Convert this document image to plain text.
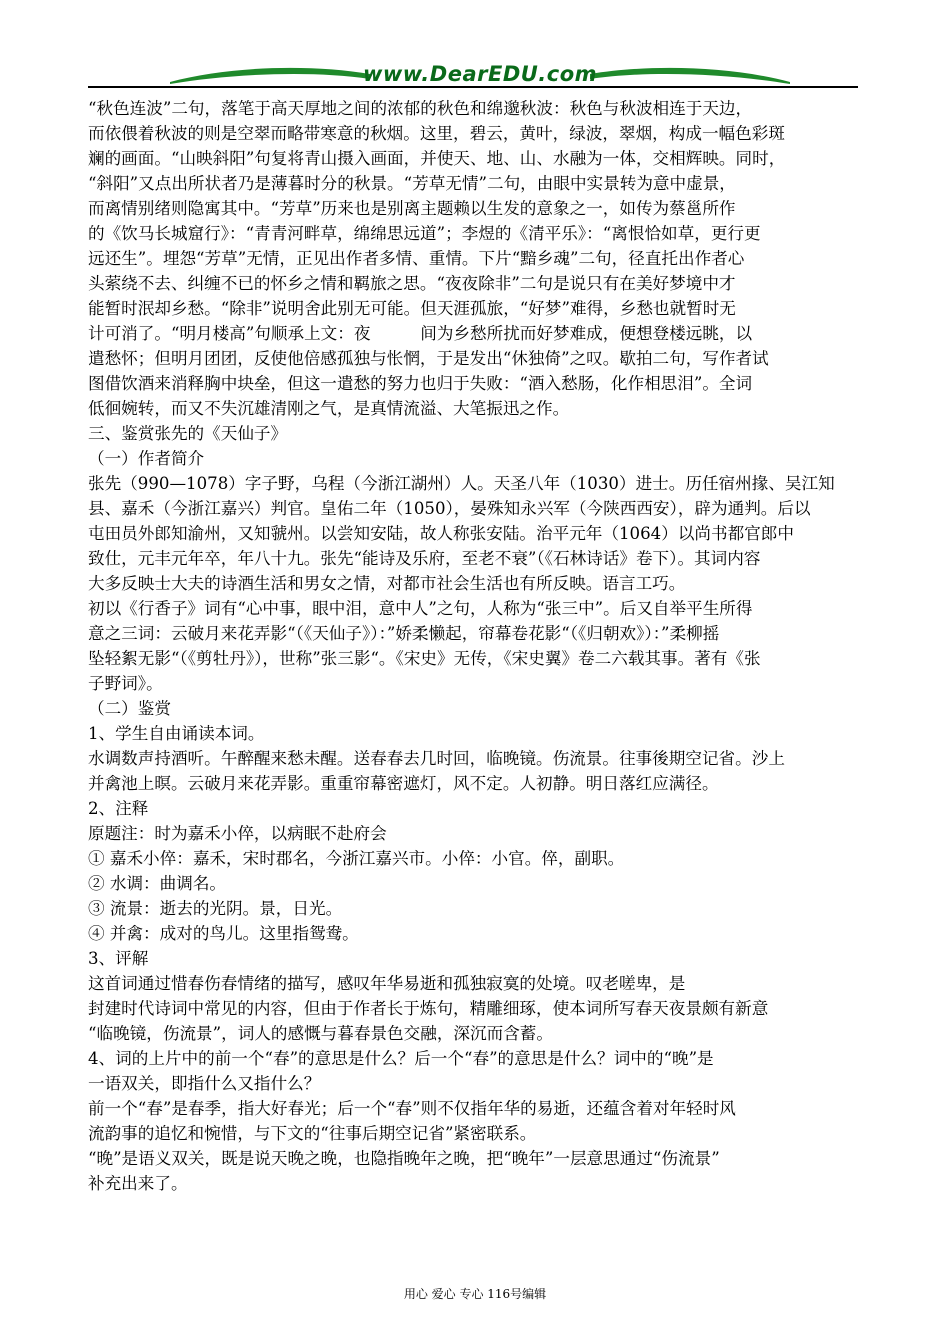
www.DearEDU.com
“秋色连波”二句，落笔于高天厚地之间的浓郁的秋色和绵邈秋波：秋色与秋波相连于天边，
而依偎着秋波的则是空翠而略带寒意的秋烟。这里，碧云，黄叶，绿波，翠烟，构成一幅色彩斑
斓的画面。“山映斜阳”句复将青山摄入画面，并使天、地、山、水融为一体，交相辉映。同时，
“斜阳”又点出所状者乃是薄暮时分的秋景。“芳草无情”二句，由眼中实景转为意中虚景，
而离情别绪则隐寓其中。“芳草”历来也是别离主题赖以生发的意象之一，如传为蔡邕所作
的《饮马长城窟行》：“青青河畔草，绵绵思远道”；李煜的《清平乐》：“离恨恰如草，更行更
远还生”。埋怨“芳草”无情，正见出作者多情、重情。下片“黯乡魂”二句，径直托出作者心
头萦绕不去、纠缠不已的怀乡之情和羁旅之思。“夜夜除非”二句是说只有在美好梦境中才
能暂时泯却乡愁。“除非”说明舍此别无可能。但天涯孤旅，“好梦”难得，乡愁也就暂时无
计可消了。“明月楼高”句顺承上文：夜　　　间为乡愁所扰而好梦难成，便想登楼远眺，以
遣愁怀；但明月团团，反使他倍感孤独与怅惘，于是发出“休独倚”之叹。歇拍二句，写作者试
图借饮酒来消释胸中块垒，但这一遣愁的努力也归于失败：“酒入愁肠，化作相思泪”。全词
低徊婉转，而又不失沉雄清刚之气，是真情流溢、大笔振迅之作。
三、鉴赏张先的《天仙子》
（一）作者简介
张先（990—1078）字子野，乌程（今浙江湖州）人。天圣八年（1030）进士。历任宿州掾、吴江知
县、嘉禾（今浙江嘉兴）判官。皇佑二年（1050），晏殊知永兴军（今陕西西安），辟为通判。后以
屯田员外郎知渝州，又知虢州。以尝知安陆，故人称张安陆。治平元年（1064）以尚书都官郎中
致仕，元丰元年卒，年八十九。张先“能诗及乐府，至老不衰”（《石林诗话》卷下）。其词内容
大多反映士大夫的诗酒生活和男女之情，对都市社会生活也有所反映。语言工巧。
初以《行香子》词有“心中事，眼中泪，意中人”之句，人称为“张三中”。后又自举平生所得
意之三词：云破月来花弄影“（《天仙子》）：”娇柔懒起，帘幕卷花影“（《归朝欢》）：”柔柳摇
坠轻絮无影“（《剪牡丹》），世称”张三影“。《宋史》无传，《宋史翼》卷二六载其事。著有《张
子野词》。
（二）鉴赏
1、学生自由诵读本词。
水调数声持酒听。午醉醒来愁未醒。送春春去几时回，临晚镜。伤流景。往事後期空记省。沙上
并禽池上暝。云破月来花弄影。重重帘幕密遮灯，风不定。人初静。明日落红应满径。
2、注释
原题注：时为嘉禾小倅，以病眠不赴府会
① 嘉禾小倅：嘉禾，宋时郡名，今浙江嘉兴市。小倅：小官。倅，副职。
② 水调：曲调名。
③ 流景：逝去的光阴。景，日光。
④ 并禽：成对的鸟儿。这里指鸳鸯。
3、评解
这首词通过惜春伤春情绪的描写，感叹年华易逝和孤独寂寞的处境。叹老嗟卑，是
封建时代诗词中常见的内容，但由于作者长于炼句，精雕细琢，使本词所写春天夜景颇有新意
“临晚镜，伤流景”，词人的感慨与暮春景色交融，深沉而含蓄。
4、词的上片中的前一个“春”的意思是什么？后一个“春”的意思是什么？词中的“晚”是
一语双关，即指什么又指什么？
前一个“春”是春季，指大好春光；后一个“春”则不仅指年华的易逝，还蕴含着对年轻时风
流韵事的追忆和惋惜，与下文的“往事后期空记省”紧密联系。
“晚”是语义双关，既是说天晚之晚，也隐指晚年之晚，把“晚年”一层意思通过“伤流景”
补充出来了。
用心 爱心 专心 116号编辑
